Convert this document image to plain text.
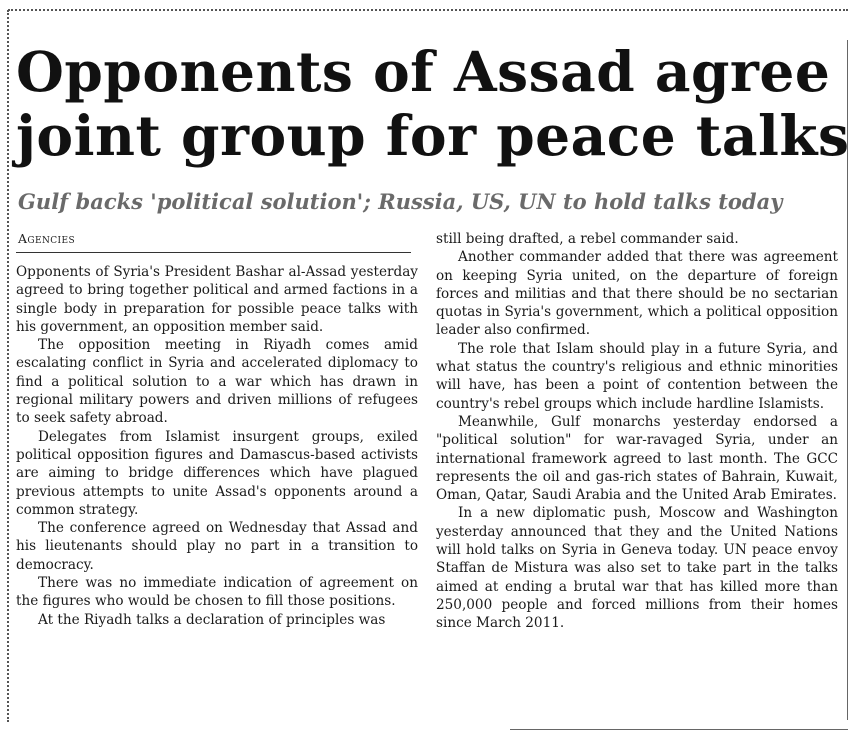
Opponents of Assad agree
joint group for peace talks
Gulf backs 'political solution'; Russia, US, UN to hold talks today
Agencies

Opponents of Syria's President Bashar al-Assad yesterday agreed to bring together political and armed factions in a single body in preparation for possible peace talks with his government, an opposition member said.

The opposition meeting in Riyadh comes amid escalating conflict in Syria and accelerated diplomacy to find a political solution to a war which has drawn in regional military powers and driven millions of refugees to seek safety abroad.

Delegates from Islamist insurgent groups, exiled political opposition figures and Damascus-based activists are aiming to bridge differences which have plagued previous attempts to unite Assad's opponents around a common strategy.

The conference agreed on Wednesday that Assad and his lieutenants should play no part in a transition to democracy.

There was no immediate indication of agreement on the figures who would be chosen to fill those positions.

At the Riyadh talks a declaration of principles was

still being drafted, a rebel commander said.

Another commander added that there was agreement on keeping Syria united, on the departure of foreign forces and militias and that there should be no sectarian quotas in Syria's government, which a political opposition leader also confirmed.

The role that Islam should play in a future Syria, and what status the country's religious and ethnic minorities will have, has been a point of contention between the country's rebel groups which include hardline Islamists.

Meanwhile, Gulf monarchs yesterday endorsed a "political solution" for war-ravaged Syria, under an international framework agreed to last month. The GCC represents the oil and gas-rich states of Bahrain, Kuwait, Oman, Qatar, Saudi Arabia and the United Arab Emirates.

In a new diplomatic push, Moscow and Washington yesterday announced that they and the United Nations will hold talks on Syria in Geneva today. UN peace envoy Staffan de Mistura was also set to take part in the talks aimed at ending a brutal war that has killed more than 250,000 people and forced millions from their homes since March 2011.
